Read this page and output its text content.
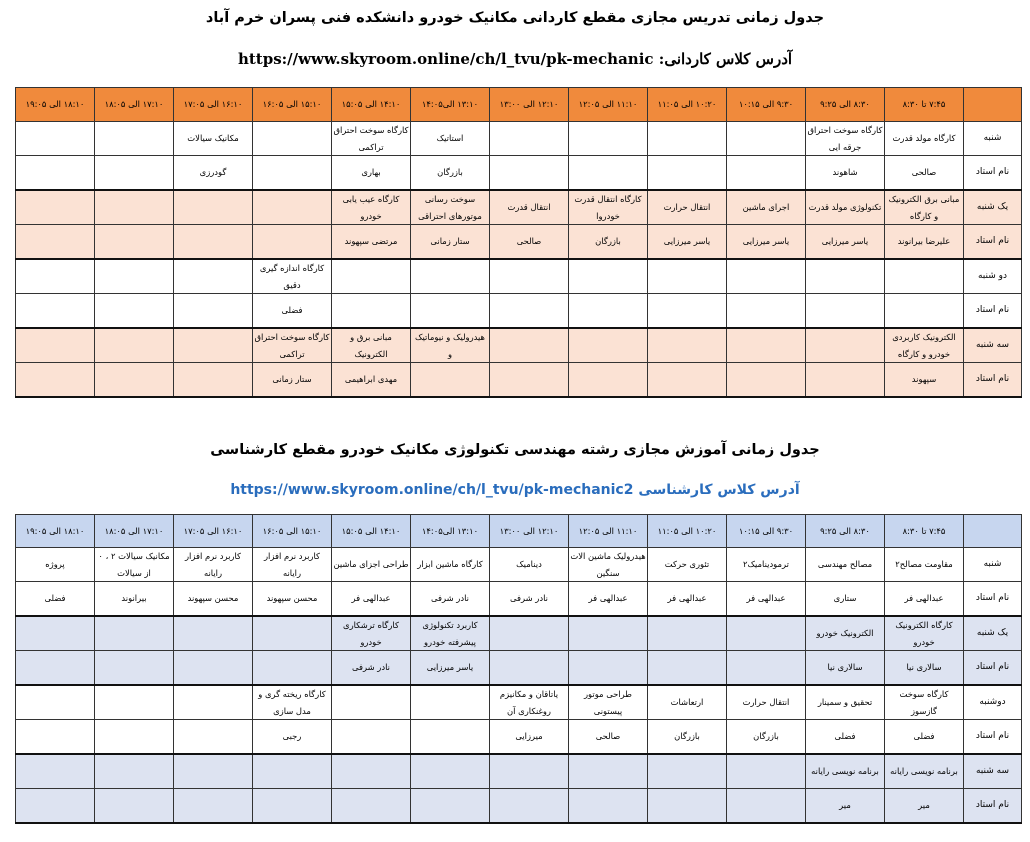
جدول زمانی تدریس مجازی مقطع کاردانی مکانیک خودرو دانشکده فنی پسران خرم آباد
آدرس کلاس کاردانی: https://www.skyroom.online/ch/l_tvu/pk-mechanic
	۷:۴۵ تا ۸:۳۰	۸:۳۰ الی ۹:۲۵	۹:۳۰ الی ۱۰:۱۵	۱۰:۲۰ الی ۱۱:۰۵	۱۱:۱۰ الی ۱۲:۰۵	۱۲:۱۰ الی ۱۳:۰۰	۱۳:۱۰ الی۱۴:۰۵	۱۴:۱۰ الی ۱۵:۰۵	۱۵:۱۰ الی ۱۶:۰۵	۱۶:۱۰ الی ۱۷:۰۵	۱۷:۱۰ الی ۱۸:۰۵	۱۸:۱۰ الی ۱۹:۰۵
شنبه	کارگاه مولد قدرت	کارگاه سوخت احتراق جرقه ایی					استاتیک	کارگاه سوخت احتراق تراکمی		مکانیک سیالات		
نام استاد	صالحی	شاهوند					بازرگان	بهاری		گودرزی		
یک شنبه	مبانی برق الکترونیک و کارگاه	تکنولوژی مولد قدرت	اجرای ماشین	انتقال حرارت	کارگاه انتقال قدرت خودروا	انتقال قدرت	سوخت رسانی موتورهای احتراقی	کارگاه عیب یابی خودرو				
نام استاد	علیرضا بیرانوند	یاسر میرزایی	یاسر میرزایی	یاسر میرزایی	بازرگان	صالحی	ستار زمانی	مرتضی سپهوند				
دو شنبه									کارگاه اندازه گیری دقیق			
نام استاد									فضلی			
سه شنبه	الکترونیک کاربردی خودرو و کارگاه						هیدرولیک و نیوماتیک و	مبانی برق و الکترونیک	کارگاه سوخت احتراق تراکمی			
نام استاد	سپهوند							مهدی ابراهیمی	ستار زمانی			
جدول زمانی آموزش مجازی رشته مهندسی تکنولوژی مکانیک خودرو مقطع کارشناسی
آدرس کلاس کارشناسی https://www.skyroom.online/ch/l_tvu/pk-mechanic2
	۷:۴۵ تا ۸:۳۰	۸:۳۰ الی ۹:۲۵	۹:۳۰ الی ۱۰:۱۵	۱۰:۲۰ الی ۱۱:۰۵	۱۱:۱۰ الی ۱۲:۰۵	۱۲:۱۰ الی ۱۳:۰۰	۱۳:۱۰ الی۱۴:۰۵	۱۴:۱۰ الی ۱۵:۰۵	۱۵:۱۰ الی ۱۶:۰۵	۱۶:۱۰ الی ۱۷:۰۵	۱۷:۱۰ الی ۱۸:۰۵	۱۸:۱۰ الی ۱۹:۰۵
شنبه	مقاومت مصالح۲	مصالح مهندسی	ترمودینامیک۲	تئوری حرکت	هیدرولیک ماشین الات سنگین	دینامیک	کارگاه ماشین ابزار	طراحی اجزای ماشین	کاربرد نرم افزار رایانه	کاربرد نرم افزار رایانه	مکانیک سیالات ۲ ، ۰ از سیالات	پروژه
نام استاد	عبدالهی فر	ستاری	عبدالهی فر	عبدالهی فر	عبدالهی فر	نادر شرفی	نادر شرفی	عبدالهی فر	محسن سپهوند	محسن سپهوند	بیرانوند	فضلی
یک شنبه	کارگاه الکترونیک خودرو	الکترونیک خودرو					کاربرد تکنولوژی پیشرفته خودرو	کارگاه ترشکاری خودرو				
نام استاد	سالاری نیا	سالاری نیا					یاسر میرزایی	نادر شرفی				
دوشنبه	کارگاه سوخت گازسوز	تحقیق و سمینار	انتقال حرارت	ارتعاشات	طراحی موتور پیستونی	یاتاقان و مکانیزم روغنکاری آن			کارگاه ریخته گری و مدل سازی			
نام استاد	فضلی	فضلی	بازرگان	بازرگان	صالحی	میرزایی			رجبی			
سه شنبه	برنامه نویسی رایانه	برنامه نویسی رایانه										
نام استاد	میر	میر										
